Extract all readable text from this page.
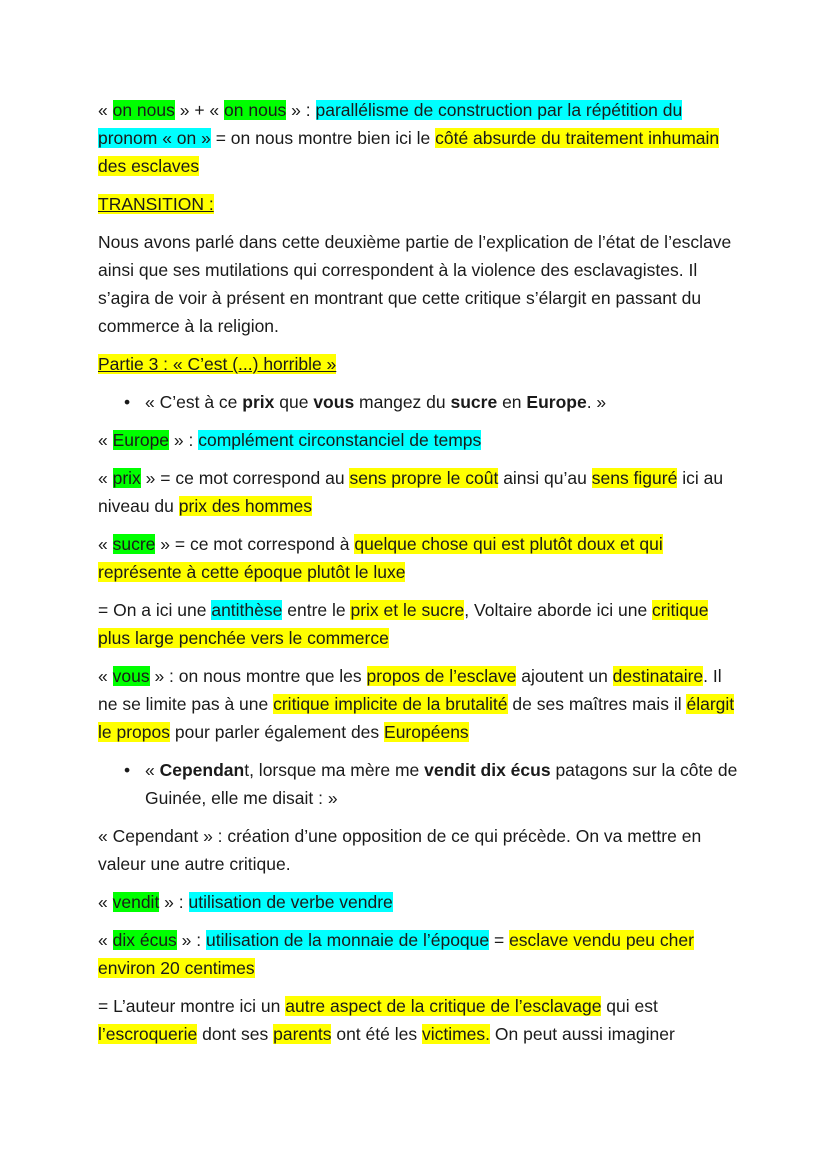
« on nous » + « on nous » : parallélisme de construction par la répétition du pronom « on » = on nous montre bien ici le côté absurde du traitement inhumain des esclaves

TRANSITION :

Nous avons parlé dans cette deuxième partie de l’explication de l’état de l’esclave ainsi que ses mutilations qui correspondent à la violence des esclavagistes. Il s’agira de voir à présent en montrant que cette critique s’élargit en passant du commerce à la religion.

Partie 3 : « C’est (...) horrible »

• « C’est à ce prix que vous mangez du sucre en Europe. »

« Europe » : complément circonstanciel de temps

« prix » = ce mot correspond au sens propre le coût ainsi qu’au sens figuré ici au niveau du prix des hommes

« sucre » = ce mot correspond à quelque chose qui est plutôt doux et qui représente à cette époque plutôt le luxe

= On a ici une antithèse entre le prix et le sucre, Voltaire aborde ici une critique plus large penchée vers le commerce

« vous » : on nous montre que les propos de l’esclave ajoutent un destinataire. Il ne se limite pas à une critique implicite de la brutalité de ses maîtres mais il élargit le propos pour parler également des Européens

• « Cependant, lorsque ma mère me vendit dix écus patagons sur la côte de Guinée, elle me disait : »

« Cependant » : création d’une opposition de ce qui précède. On va mettre en valeur une autre critique.

« vendit » : utilisation de verbe vendre

« dix écus » : utilisation de la monnaie de l’époque = esclave vendu peu cher environ 20 centimes

= L’auteur montre ici un autre aspect de la critique de l’esclavage qui est l’escroquerie dont ses parents ont été les victimes. On peut aussi imaginer
